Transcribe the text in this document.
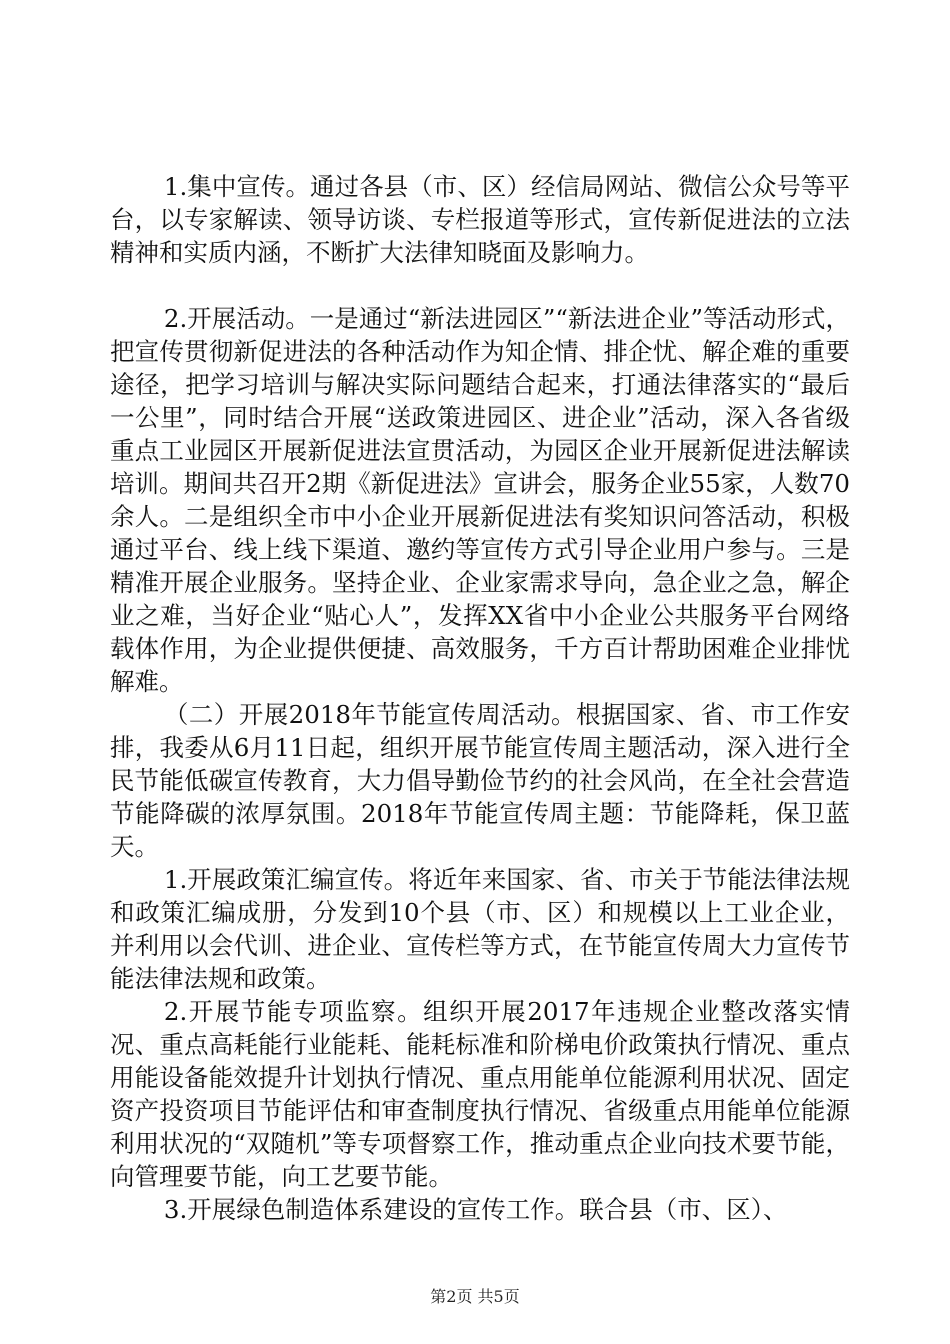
1.集中宣传。通过各县（市、区）经信局网站、微信公众号等平台，以专家解读、领导访谈、专栏报道等形式，宣传新促进法的立法精神和实质内涵，不断扩大法律知晓面及影响力。

2.开展活动。一是通过“新法进园区”“新法进企业”等活动形式，把宣传贯彻新促进法的各种活动作为知企情、排企忧、解企难的重要途径，把学习培训与解决实际问题结合起来，打通法律落实的“最后一公里”，同时结合开展“送政策进园区、进企业”活动，深入各省级重点工业园区开展新促进法宣贯活动，为园区企业开展新促进法解读培训。期间共召开2期《新促进法》宣讲会，服务企业55家，人数70余人。二是组织全市中小企业开展新促进法有奖知识问答活动，积极通过平台、线上线下渠道、邀约等宣传方式引导企业用户参与。三是精准开展企业服务。坚持企业、企业家需求导向，急企业之急，解企业之难，当好企业“贴心人”，发挥XX省中小企业公共服务平台网络载体作用，为企业提供便捷、高效服务，千方百计帮助困难企业排忧解难。

（二）开展2018年节能宣传周活动。根据国家、省、市工作安排，我委从6月11日起，组织开展节能宣传周主题活动，深入进行全民节能低碳宣传教育，大力倡导勤俭节约的社会风尚，在全社会营造节能降碳的浓厚氛围。2018年节能宣传周主题：节能降耗，保卫蓝天。

1.开展政策汇编宣传。将近年来国家、省、市关于节能法律法规和政策汇编成册，分发到10个县（市、区）和规模以上工业企业，并利用以会代训、进企业、宣传栏等方式，在节能宣传周大力宣传节能法律法规和政策。

2.开展节能专项监察。组织开展2017年违规企业整改落实情况、重点高耗能行业能耗、能耗标准和阶梯电价政策执行情况、重点用能设备能效提升计划执行情况、重点用能单位能源利用状况、固定资产投资项目节能评估和审查制度执行情况、省级重点用能单位能源利用状况的“双随机”等专项督察工作，推动重点企业向技术要节能，向管理要节能，向工艺要节能。

3.开展绿色制造体系建设的宣传工作。联合县（市、区）、

第2页 共5页
